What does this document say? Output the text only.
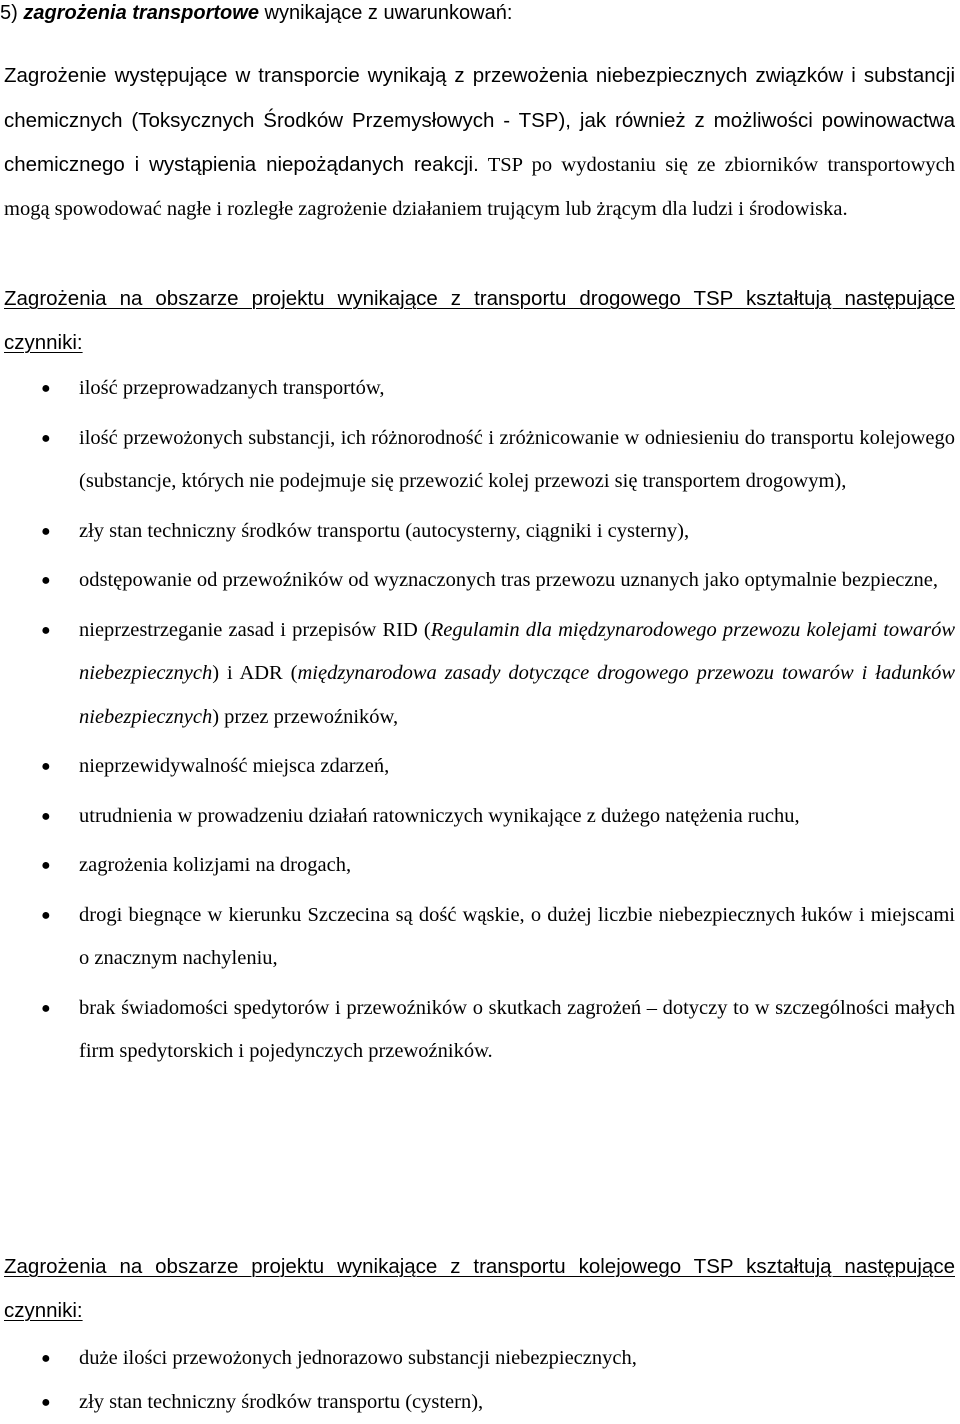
5) zagrożenia transportowe wynikające z uwarunkowań:

Zagrożenie występujące w transporcie wynikają z przewożenia niebezpiecznych związków i substancji chemicznych (Toksycznych Środków Przemysłowych - TSP), jak również z możliwości powinowactwa chemicznego i wystąpienia niepożądanych reakcji. TSP po wydostaniu się ze zbiorników transportowych mogą spowodować nagłe i rozległe zagrożenie działaniem trującym lub żrącym dla ludzi i środowiska.

Zagrożenia na obszarze projektu wynikające z transportu drogowego TSP kształtują następujące czynniki:

● ilość przeprowadzanych transportów,
● ilość przewożonych substancji, ich różnorodność i zróżnicowanie w odniesieniu do transportu kolejowego (substancje, których nie podejmuje się przewozić kolej przewozi się transportem drogowym),
● zły stan techniczny środków transportu (autocysterny, ciągniki i cysterny),
● odstępowanie od przewoźników od wyznaczonych tras przewozu uznanych jako optymalnie bezpieczne,
● nieprzestrzeganie zasad i przepisów RID (Regulamin dla międzynarodowego przewozu kolejami towarów niebezpiecznych) i ADR (międzynarodowa zasady dotyczące drogowego przewozu towarów i ładunków niebezpiecznych) przez przewoźników,
● nieprzewidywalność miejsca zdarzeń,
● utrudnienia w prowadzeniu działań ratowniczych wynikające z dużego natężenia ruchu,
● zagrożenia kolizjami na drogach,
● drogi biegnące w kierunku Szczecina są dość wąskie, o dużej liczbie niebezpiecznych łuków i miejscami o znacznym nachyleniu,
● brak świadomości spedytorów i przewoźników o skutkach zagrożeń – dotyczy to w szczególności małych firm spedytorskich i pojedynczych przewoźników.

Zagrożenia na obszarze projektu wynikające z transportu kolejowego TSP kształtują następujące czynniki:

● duże ilości przewożonych jednorazowo substancji niebezpiecznych,
● zły stan techniczny środków transportu (cystern),
